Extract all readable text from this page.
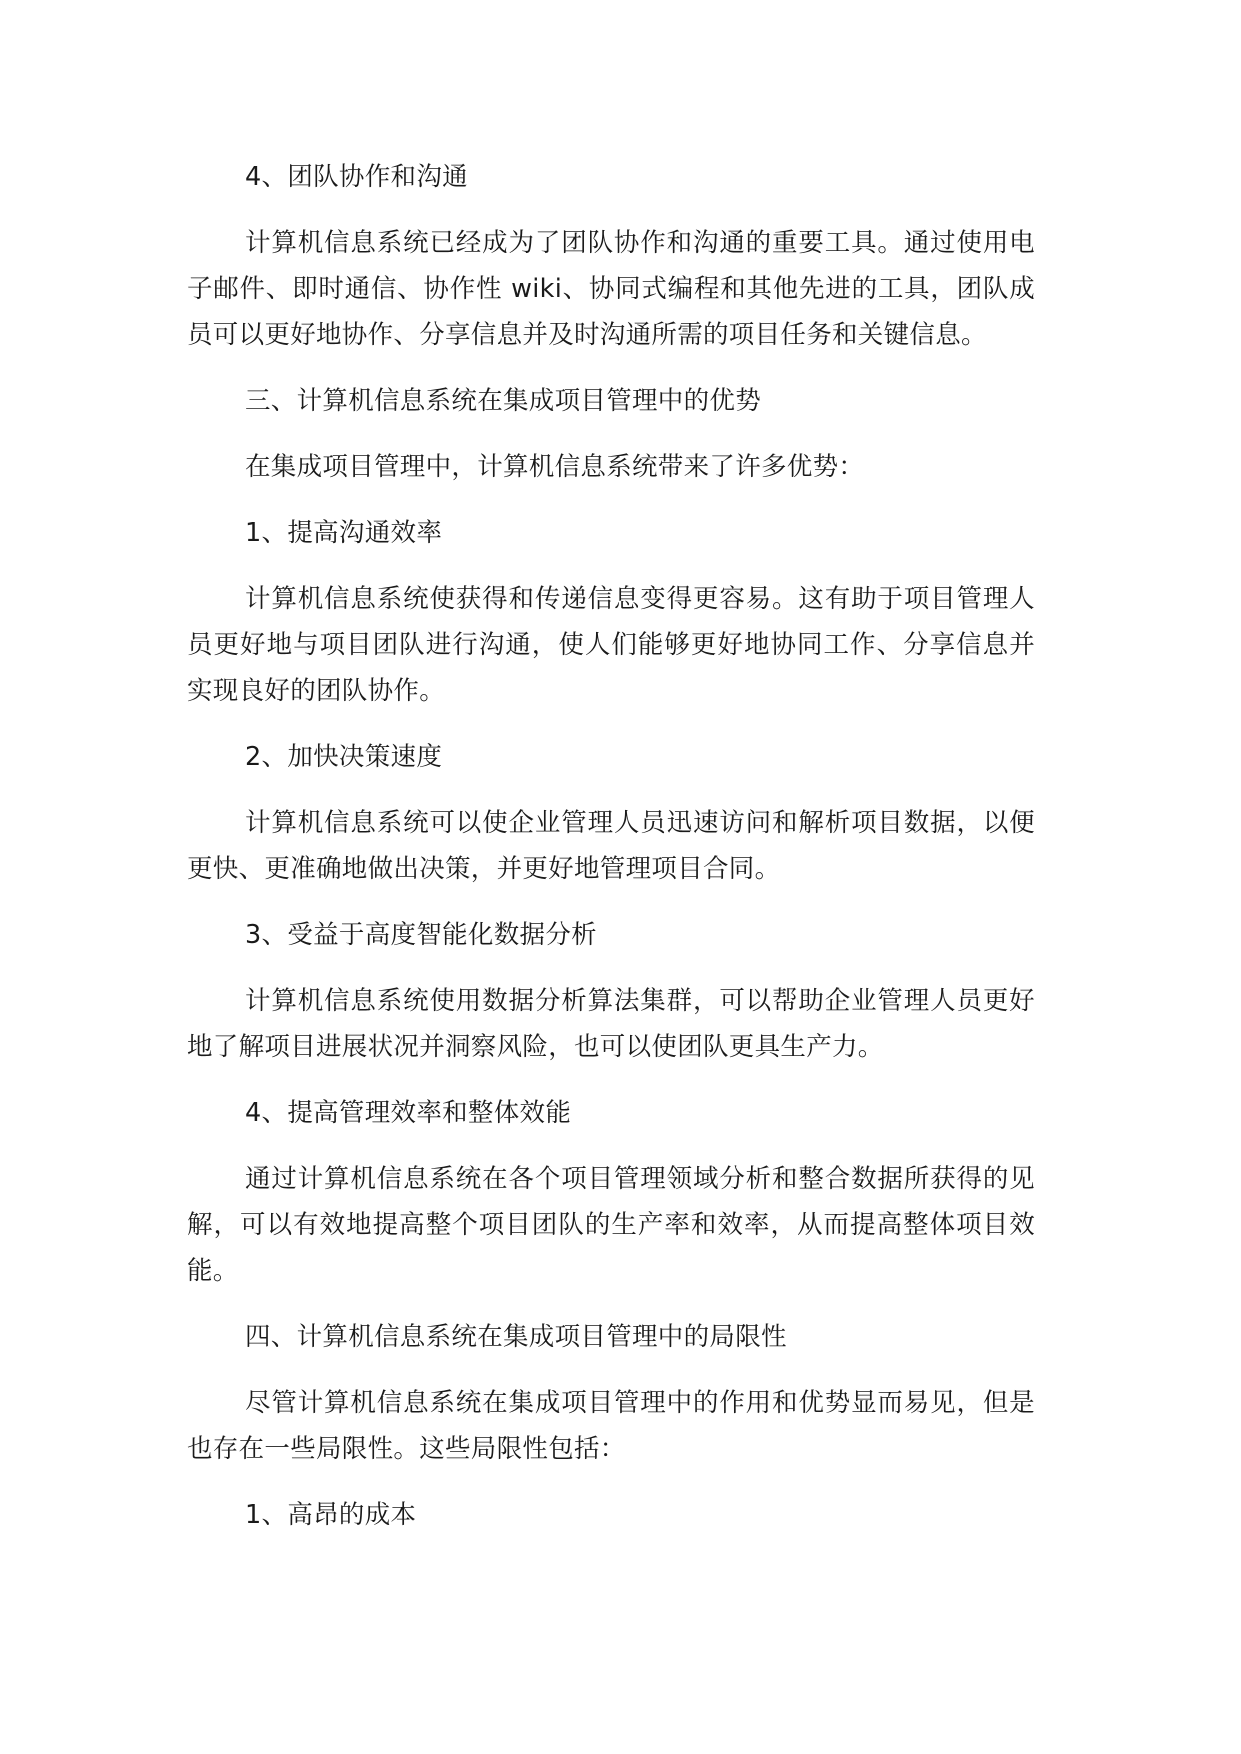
4、团队协作和沟通

计算机信息系统已经成为了团队协作和沟通的重要工具。通过使用电子邮件、即时通信、协作性 wiki、协同式编程和其他先进的工具，团队成员可以更好地协作、分享信息并及时沟通所需的项目任务和关键信息。

三、计算机信息系统在集成项目管理中的优势

在集成项目管理中，计算机信息系统带来了许多优势：

1、提高沟通效率

计算机信息系统使获得和传递信息变得更容易。这有助于项目管理人员更好地与项目团队进行沟通，使人们能够更好地协同工作、分享信息并实现良好的团队协作。

2、加快决策速度

计算机信息系统可以使企业管理人员迅速访问和解析项目数据，以便更快、更准确地做出决策，并更好地管理项目合同。

3、受益于高度智能化数据分析

计算机信息系统使用数据分析算法集群，可以帮助企业管理人员更好地了解项目进展状况并洞察风险，也可以使团队更具生产力。

4、提高管理效率和整体效能

通过计算机信息系统在各个项目管理领域分析和整合数据所获得的见解，可以有效地提高整个项目团队的生产率和效率，从而提高整体项目效能。

四、计算机信息系统在集成项目管理中的局限性

尽管计算机信息系统在集成项目管理中的作用和优势显而易见，但是也存在一些局限性。这些局限性包括：

1、高昂的成本
